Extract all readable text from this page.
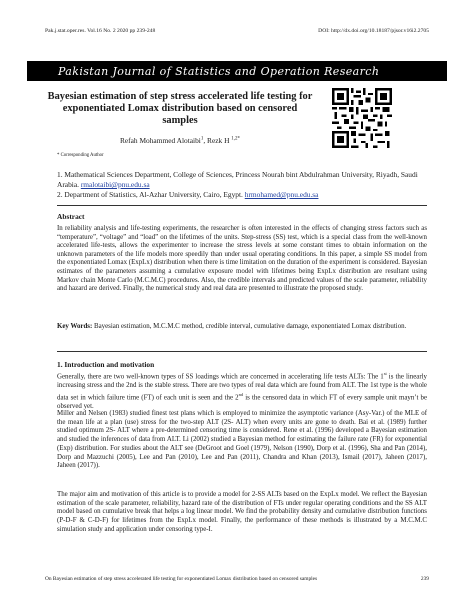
Pak.j.stat.oper.res. Vol.16 No. 2 2020 pp 239-248	DOI: http://dx.doi.org/10.18187/pjsor.v16i2.2705
Pakistan Journal of Statistics and Operation Research
Bayesian estimation of step stress accelerated life testing for exponentiated Lomax distribution based on censored samples
Refah Mohammed Alotaibi$^1$, Rezk H $^{1,2*}$
* Corresponding Author
1. Mathematical Sciences Department, College of Sciences, Princess Nourah bint Abdulrahman University, Riyadh, Saudi Arabia. rmalotaibi@pnu.edu.sa
2. Department of Statistics, Al-Azhar University, Cairo, Egypt. hrmohamed@pnu.edu.sa
Abstract
In reliability analysis and life-testing experiments, the researcher is often interested in the effects of changing stress factors such as “temperature”, “voltage” and “load” on the lifetimes of the units. Step-stress (SS) test, which is a special class from the well-known accelerated life-tests, allows the experimenter to increase the stress levels at some constant times to obtain information on the unknown parameters of the life models more speedily than under usual operating conditions. In this paper, a simple SS model from the exponentiated Lomax (ExpLx) distribution when there is time limitation on the duration of the experiment is considered. Bayesian estimates of the parameters assuming a cumulative exposure model with lifetimes being ExpLx distribution are resultant using Markov chain Monte Carlo (M.C.M.C) procedures. Also, the credible intervals and predicted values of the scale parameter, reliability and hazard are derived. Finally, the numerical study and real data are presented to illustrate the proposed study.
Key Words: Bayesian estimation, M.C.M.C method, credible interval, cumulative damage, exponentiated Lomax distribution.
1. Introduction and motivation
Generally, there are two well-known types of SS loadings which are concerned in accelerating life tests ALTs: The 1st is the linearly increasing stress and the 2nd is the stable stress. There are two types of real data which are found from ALT. The 1st type is the whole data set in which failure time (FT) of each unit is seen and the 2nd is the censored data in which FT of every sample unit mayn’t be observed yet.
Miller and Nelsen (1983) studied finest test plans which is employed to minimize the asymptotic variance (Asy-Var.) of the MLE of the mean life at a plan (use) stress for the two-step ALT (2S- ALT) when every units are gone to death. Bai et al. (1989) further studied optimum 2S- ALT where a pre-determined censoring time is considered. Rene et al. (1996) developed a Bayesian estimation and studied the inferences of data from ALT. Li (2002) studied a Bayesian method for estimating the failure rate (FR) for exponential (Exp) distribution. For studies about the ALT see (DeGroot and Goel (1979), Nelson (1990), Dorp et al. (1996), Sha and Pan (2014), Dorp and Mazzuchi (2005), Lee and Pan (2010), Lee and Pan (2011), Chandra and Khan (2013), Ismail (2017), Jaheen (2017), Jaheen (2017)).
The major aim and motivation of this article is to provide a model for 2-SS ALTs based on the ExpLx model. We reflect the Bayesian estimation of the scale parameter, reliability, hazard rate of the distribution of FTs under regular operating conditions and the SS ALT model based on cumulative break that helps a log linear model. We find the probability density and cumulative distribution functions (P-D-F & C-D-F) for lifetimes from the ExpLx model. Finally, the performance of these methods is illustrated by a M.C.M.C simulation study and application under censoring type-I.
On Bayesian estimation of step stress accelerated life testing for exponentiated Lomax distribution based on censored samples	239
